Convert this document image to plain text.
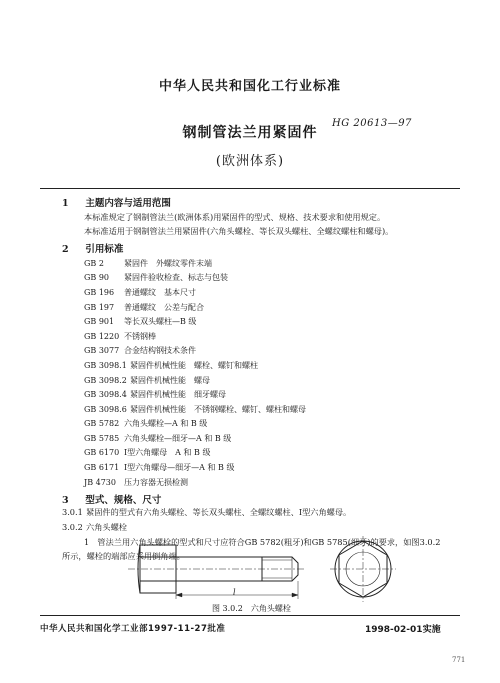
中华人民共和国化工行业标准
HG 20613—97
钢制管法兰用紧固件
(欧洲体系)
1 主题内容与适用范围
本标准规定了钢制管法兰(欧洲体系)用紧固件的型式、规格、技术要求和使用规定。
本标准适用于钢制管法兰用紧固件(六角头螺栓、等长双头螺柱、全螺纹螺柱和螺母)。
2 引用标准
GB 2	紧固件　外螺纹零件末端
GB 90 紧固件验收检查、标志与包装
GB 196 普通螺纹　基本尺寸
GB 197 普通螺纹　公差与配合
GB 901 等长双头螺柱—B 级
GB 1220 不锈钢棒
GB 3077 合金结构钢技术条件
GB 3098.1 紧固件机械性能　螺栓、螺钉和螺柱
GB 3098.2 紧固件机械性能　螺母
GB 3098.4 紧固件机械性能　细牙螺母
GB 3098.6 紧固件机械性能　不锈钢螺栓、螺钉、螺柱和螺母
GB 5782 六角头螺栓—A 和 B 级
GB 5785 六角头螺栓—细牙—A 和 B 级
GB 6170 Ⅰ型六角螺母　A 和 B 级
GB 6171 Ⅰ型六角螺母—细牙—A 和 B 级
JB 4730 压力容器无损检测
3 型式、规格、尺寸
3.0.1 紧固件的型式有六角头螺栓、等长双头螺柱、全螺纹螺柱、Ⅰ型六角螺母。
3.0.2 六角头螺栓
1　管法兰用六角头螺栓的型式和尺寸应符合GB 5782(粗牙)和GB 5785(细牙)的要求，如图3.0.2
所示，螺栓的端部应采用倒角端。
l
图 3.0.2　六角头螺栓
中华人民共和国化学工业部1997-11-27批准	1998-02-01实施
771
